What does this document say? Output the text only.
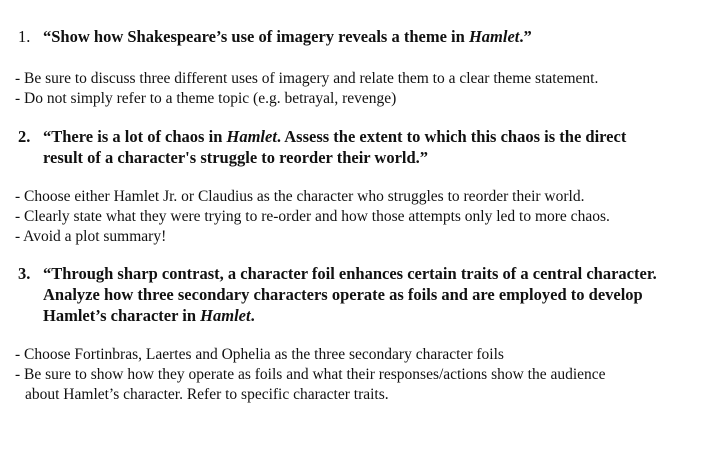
1. “Show how Shakespeare’s use of imagery reveals a theme in Hamlet.”
- Be sure to discuss three different uses of imagery and relate them to a clear theme statement.
- Do not simply refer to a theme topic (e.g. betrayal, revenge)
2. “There is a lot of chaos in Hamlet. Assess the extent to which this chaos is the direct
result of a character's struggle to reorder their world.”
- Choose either Hamlet Jr. or Claudius as the character who struggles to reorder their world.
- Clearly state what they were trying to re-order and how those attempts only led to more chaos.
- Avoid a plot summary!
3. “Through sharp contrast, a character foil enhances certain traits of a central character.
Analyze how three secondary characters operate as foils and are employed to develop
Hamlet’s character in Hamlet.
- Choose Fortinbras, Laertes and Ophelia as the three secondary character foils
- Be sure to show how they operate as foils and what their responses/actions show the audience
about Hamlet’s character. Refer to specific character traits.
